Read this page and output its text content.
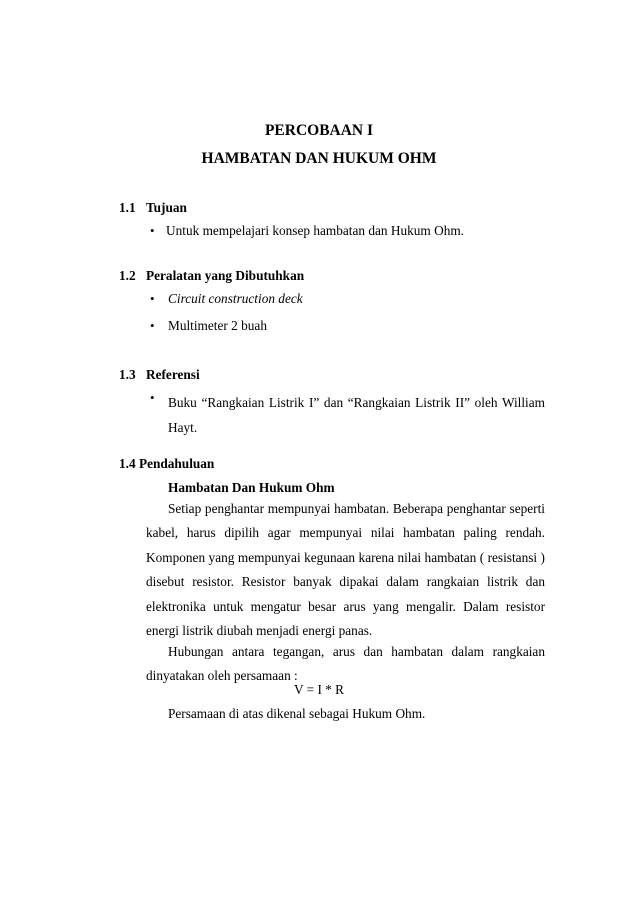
PERCOBAAN I
HAMBATAN DAN HUKUM OHM
1.1 Tujuan
• Untuk mempelajari konsep hambatan dan Hukum Ohm.
1.2 Peralatan yang Dibutuhkan
• Circuit construction deck
• Multimeter 2 buah
1.3 Referensi
• Buku “Rangkaian Listrik I” dan “Rangkaian Listrik II” oleh William Hayt.
1.4 Pendahuluan
Hambatan Dan Hukum Ohm
Setiap penghantar mempunyai hambatan. Beberapa penghantar seperti kabel, harus dipilih agar mempunyai nilai hambatan paling rendah. Komponen yang mempunyai kegunaan karena nilai hambatan ( resistansi ) disebut resistor. Resistor banyak dipakai dalam rangkaian listrik dan elektronika untuk mengatur besar arus yang mengalir. Dalam resistor energi listrik diubah menjadi energi panas.
Hubungan antara tegangan, arus dan hambatan dalam rangkaian dinyatakan oleh persamaan :
V = I * R
Persamaan di atas dikenal sebagai Hukum Ohm.
